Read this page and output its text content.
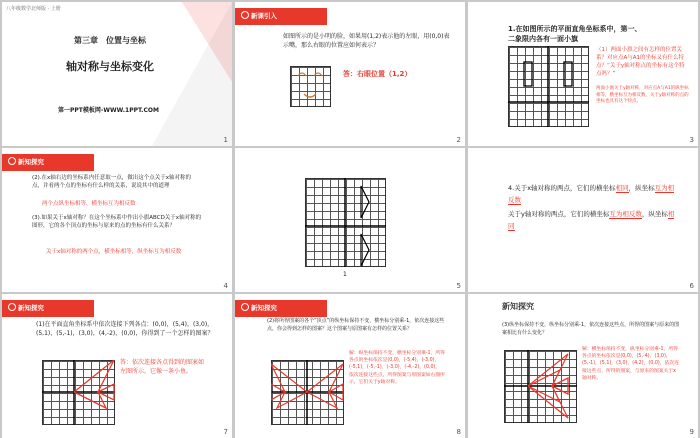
八年级数学北师版 · 上册
第三章　位置与坐标
轴对称与坐标变化
第一PPT模板网-WWW.1PPT.COM
1
新课引入
如图所示的是小明的脸，如果用(1,2)表示他的左眼，用(0,0)表示嘴，那么右眼的位置应如何表示？
答：右眼位置（1,2）
2
1.在如图所示的平面直角坐标系中，第一、二象限内各有一面小旗
（1）两面小旗之间有怎样的位置关系？对应点A与A1的坐标又有什么特点？“关于y轴对称点的坐标有这个特点吗？”
两面小旗关于y轴对称，对应点A与A1的纵坐标相等，横坐标互为相反数，关于y轴对称的点的坐标也具有这个特点。
3
新知探究
(2).在x轴右边的坐标系内任意取一点，做出这个点关于x轴对称的点，并看两个点的坐标有什么样的关系，说说其中的道理
两个点纵坐标相等，横坐标互为相反数
(3).如果关于x轴对称？在这个坐标系中作出小旗ABCD关于x轴对称的图形，它的各个顶点的坐标与原来的点的坐标有什么关系？
关于x轴对称的两个点，横坐标相等，纵坐标互为相反数
4
1
5
4.关于x轴对称的两点，它们的横坐标相同，纵坐标互为相反数
关于y轴对称的两点，它们的横坐标互为相反数，纵坐标相同
6
新知探究
(1)在平面直角坐标系中依次连接下列各点：(0,0)，(5,4)，(3,0)，(5,1)，(5,-1)，(3,0)，(4,-2)，(0,0)，你得到了一个怎样的图案？
答：依次连接各点得到的图案如左图所示，它像一条小鱼。
7
新知探究
(2)将所得图案的各个“顶点”的纵坐标保持不变，横坐标分别乘-1，依次连接这些点，你会得到怎样的图案？这个图案与原图案有怎样的位置关系？
解：纵坐标保持不变，横坐标分别乘-1，所得各点的坐标依次是(0,0)，(-5,4)，(-3,0)，(-5,1)，(-5,-1)，(-3,0)，(-4,-2)，(0,0)，依次连接这些点，所得图案与原图案如右图所示，它们关于y轴对称。
8
新知探究
(3)纵坐标保持不变，纵坐标分别乘-1，依次连接这些点，所得的图案与原来的图案相比有什么变化？
解：横坐标保持不变，纵坐标分别乘-1，所得各点的坐标依次是(0,0)，(5,-4)，(3,0)，(5,-1)，(5,1)，(3,0)，(4,2)，(0,0)，依次连接这些点，所得的图案，与原来的图案关于x轴对称。
9
